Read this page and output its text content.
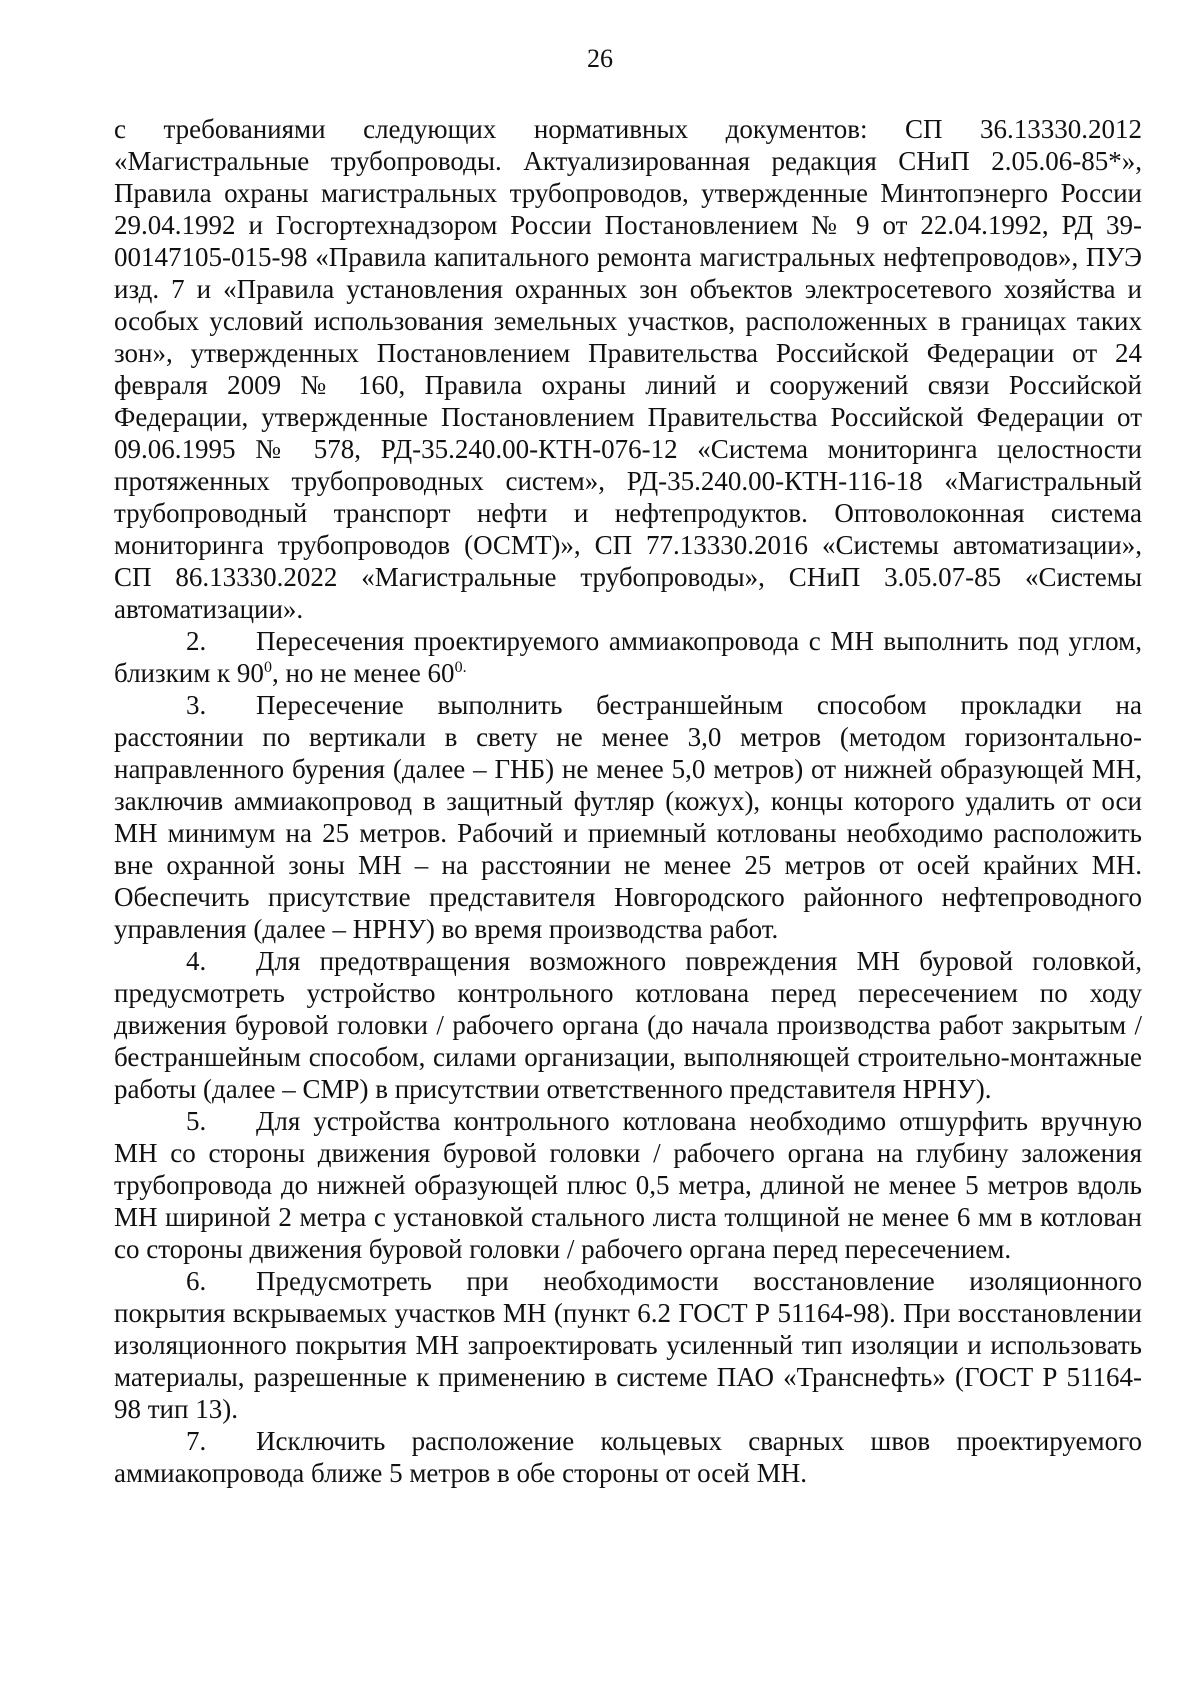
26

с требованиями следующих нормативных документов: СП 36.13330.2012 «Магистральные трубопроводы. Актуализированная редакция СНиП 2.05.06-85*», Правила охраны магистральных трубопроводов, утвержденные Минтопэнерго России 29.04.1992 и Госгортехнадзором России Постановлением № 9 от 22.04.1992, РД 39-00147105-015-98 «Правила капитального ремонта магистральных нефтепроводов», ПУЭ изд. 7 и «Правила установления охранных зон объектов электросетевого хозяйства и особых условий использования земельных участков, расположенных в границах таких зон», утвержденных Постановлением Правительства Российской Федерации от 24 февраля 2009 № 160, Правила охраны линий и сооружений связи Российской Федерации, утвержденные Постановлением Правительства Российской Федерации от 09.06.1995 № 578, РД-35.240.00-КТН-076-12 «Система мониторинга целостности протяженных трубопроводных систем», РД-35.240.00-КТН-116-18 «Магистральный трубопроводный транспорт нефти и нефтепродуктов. Оптоволоконная система мониторинга трубопроводов (ОСМТ)», СП 77.13330.2016 «Системы автоматизации», СП 86.13330.2022 «Магистральные трубопроводы», СНиП 3.05.07-85 «Системы автоматизации».

2. Пересечения проектируемого аммиакопровода с МН выполнить под углом, близким к $90^0$, но не менее $60^{0.}$

3. Пересечение выполнить бестраншейным способом прокладки на расстоянии по вертикали в свету не менее 3,0 метров (методом горизонтально-направленного бурения (далее – ГНБ) не менее 5,0 метров) от нижней образующей МН, заключив аммиакопровод в защитный футляр (кожух), концы которого удалить от оси МН минимум на 25 метров. Рабочий и приемный котлованы необходимо расположить вне охранной зоны МН – на расстоянии не менее 25 метров от осей крайних МН. Обеспечить присутствие представителя Новгородского районного нефтепроводного управления (далее – НРНУ) во время производства работ.

4. Для предотвращения возможного повреждения МН буровой головкой, предусмотреть устройство контрольного котлована перед пересечением по ходу движения буровой головки / рабочего органа (до начала производства работ закрытым / бестраншейным способом, силами организации, выполняющей строительно-монтажные работы (далее – СМР) в присутствии ответственного представителя НРНУ).

5. Для устройства контрольного котлована необходимо отшурфить вручную МН со стороны движения буровой головки / рабочего органа на глубину заложения трубопровода до нижней образующей плюс 0,5 метра, длиной не менее 5 метров вдоль МН шириной 2 метра с установкой стального листа толщиной не менее 6 мм в котлован со стороны движения буровой головки / рабочего органа перед пересечением.

6. Предусмотреть при необходимости восстановление изоляционного покрытия вскрываемых участков МН (пункт 6.2 ГОСТ Р 51164-98). При восстановлении изоляционного покрытия МН запроектировать усиленный тип изоляции и использовать материалы, разрешенные к применению в системе ПАО «Транснефть» (ГОСТ Р 51164-98 тип 13).

7. Исключить расположение кольцевых сварных швов проектируемого аммиакопровода ближе 5 метров в обе стороны от осей МН.
